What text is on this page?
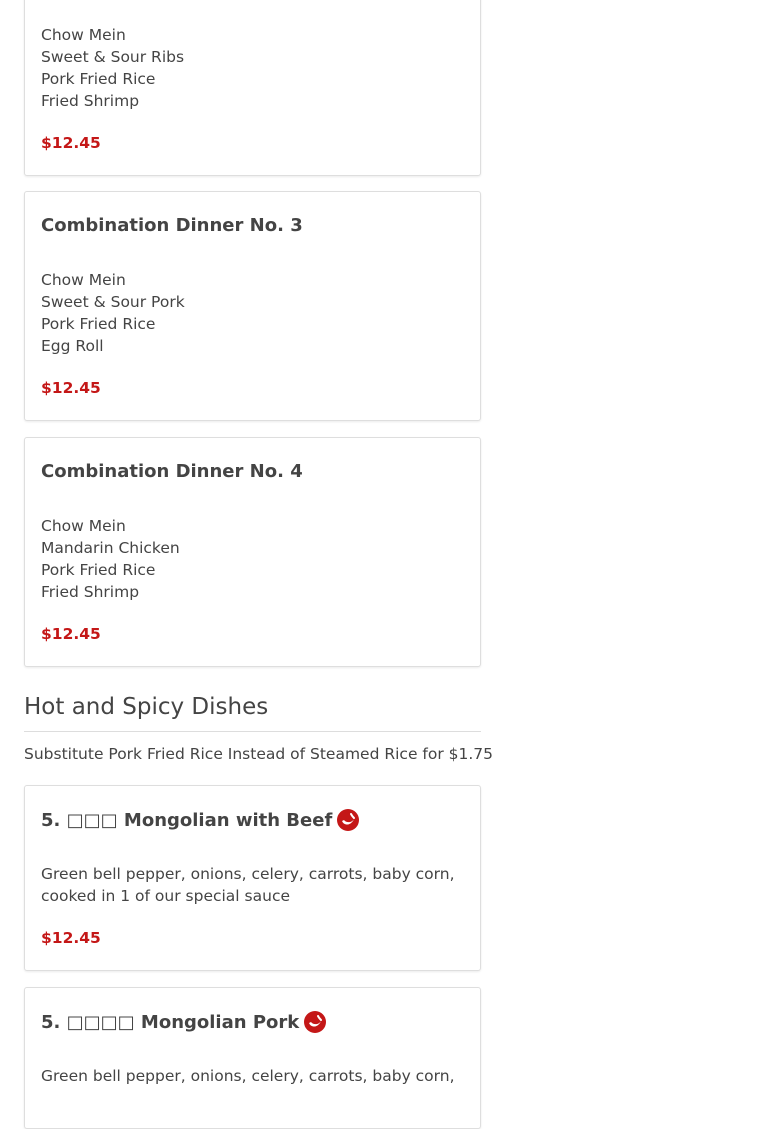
Chow Mein
Sweet & Sour Ribs
Pork Fried Rice
Fried Shrimp
$12.45
Combination Dinner No. 3
Chow Mein
Sweet & Sour Pork
Pork Fried Rice
Egg Roll
$12.45
Combination Dinner No. 4
Chow Mein
Mandarin Chicken
Pork Fried Rice
Fried Shrimp
$12.45
Hot and Spicy Dishes
Substitute Pork Fried Rice Instead of Steamed Rice for $1.75
5. □□□ Mongolian with Beef
Green bell pepper, onions, celery, carrots, baby corn,
cooked in 1 of our special sauce
$12.45
5. □□□□ Mongolian Pork
Green bell pepper, onions, celery, carrots, baby corn,
